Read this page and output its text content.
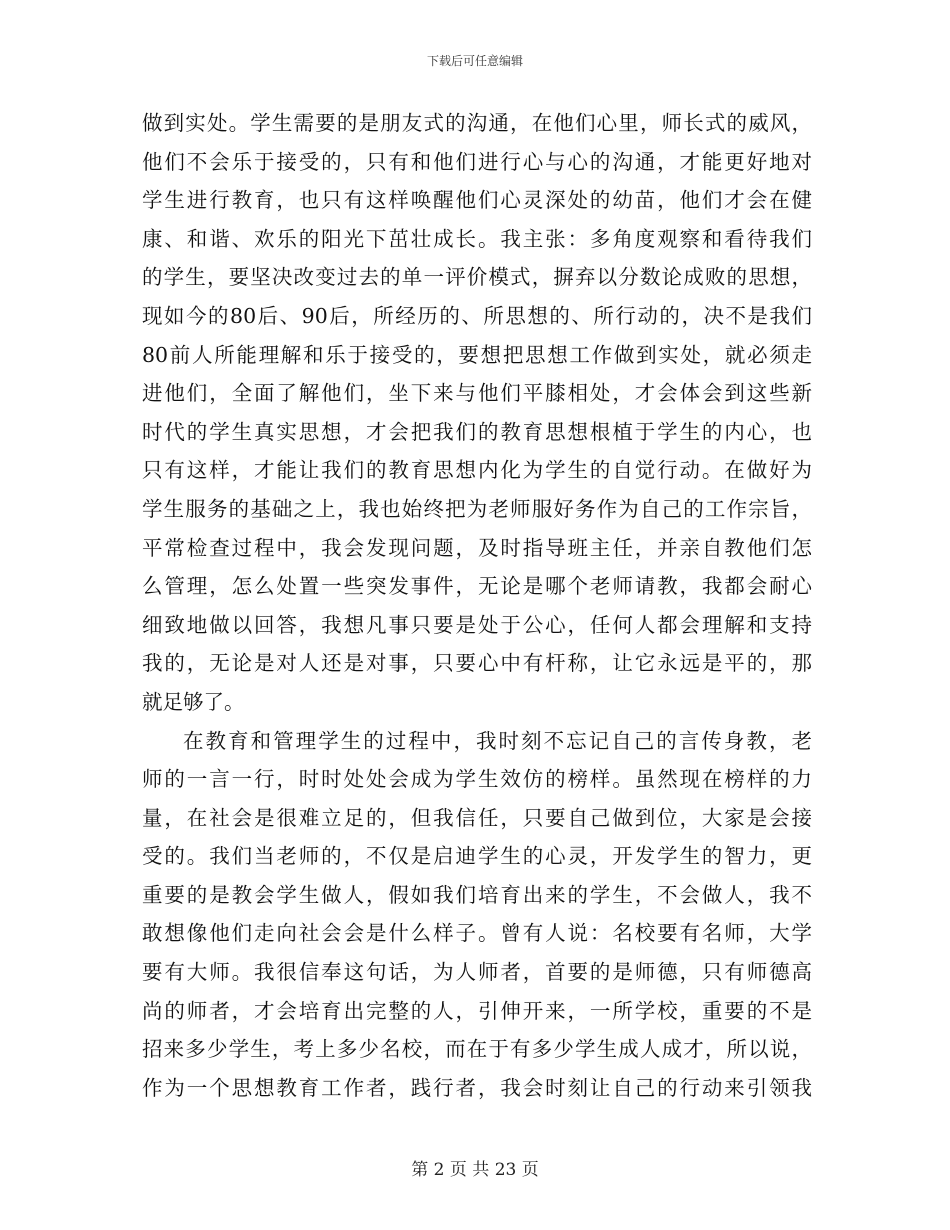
下载后可任意编辑
做到实处。学生需要的是朋友式的沟通，在他们心里，师长式的威风，
他们不会乐于接受的，只有和他们进行心与心的沟通，才能更好地对
学生进行教育，也只有这样唤醒他们心灵深处的幼苗，他们才会在健
康、和谐、欢乐的阳光下茁壮成长。我主张：多角度观察和看待我们
的学生，要坚决改变过去的单一评价模式，摒弃以分数论成败的思想，
现如今的80后、90后，所经历的、所思想的、所行动的，决不是我们
80前人所能理解和乐于接受的，要想把思想工作做到实处，就必须走
进他们，全面了解他们，坐下来与他们平膝相处，才会体会到这些新
时代的学生真实思想，才会把我们的教育思想根植于学生的内心，也
只有这样，才能让我们的教育思想内化为学生的自觉行动。在做好为
学生服务的基础之上，我也始终把为老师服好务作为自己的工作宗旨，
平常检查过程中，我会发现问题，及时指导班主任，并亲自教他们怎
么管理，怎么处置一些突发事件，无论是哪个老师请教，我都会耐心
细致地做以回答，我想凡事只要是处于公心，任何人都会理解和支持
我的，无论是对人还是对事，只要心中有杆称，让它永远是平的，那
就足够了。
在教育和管理学生的过程中，我时刻不忘记自己的言传身教，老
师的一言一行，时时处处会成为学生效仿的榜样。虽然现在榜样的力
量，在社会是很难立足的，但我信任，只要自己做到位，大家是会接
受的。我们当老师的，不仅是启迪学生的心灵，开发学生的智力，更
重要的是教会学生做人，假如我们培育出来的学生，不会做人，我不
敢想像他们走向社会会是什么样子。曾有人说：名校要有名师，大学
要有大师。我很信奉这句话，为人师者，首要的是师德，只有师德高
尚的师者，才会培育出完整的人，引伸开来，一所学校，重要的不是
招来多少学生，考上多少名校，而在于有多少学生成人成才，所以说，
作为一个思想教育工作者，践行者，我会时刻让自己的行动来引领我
第 2 页 共 23 页
